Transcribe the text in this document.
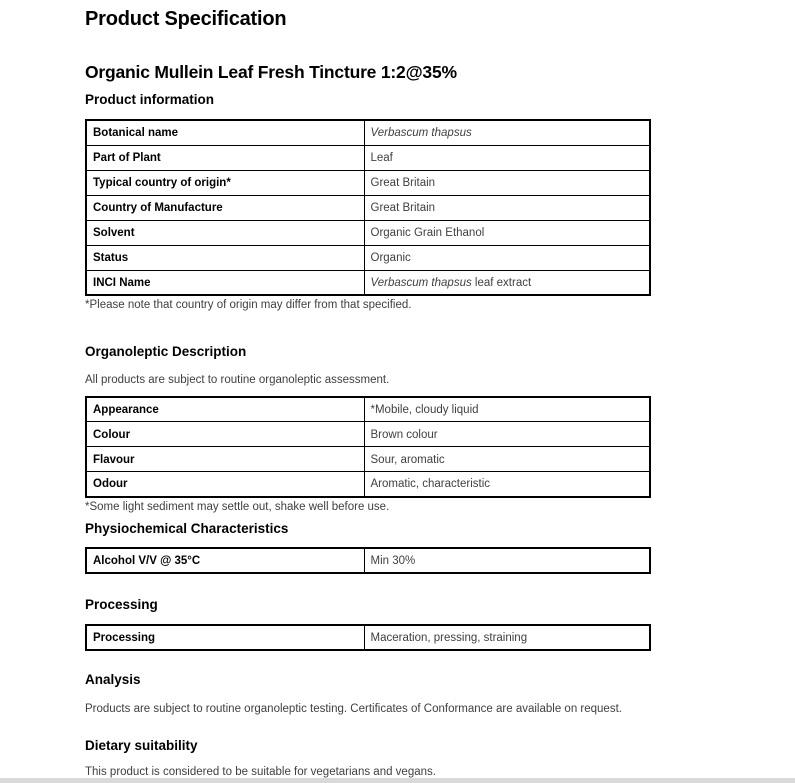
Product Specification
Organic Mullein Leaf Fresh Tincture 1:2@35%
Product information
Botanical name	Verbascum thapsus
Part of Plant	Leaf
Typical country of origin*	Great Britain
Country of Manufacture	Great Britain
Solvent	Organic Grain Ethanol
Status	Organic
INCI Name	Verbascum thapsus leaf extract

*Please note that country of origin may differ from that specified.

Organoleptic Description

All products are subject to routine organoleptic assessment.

Appearance	*Mobile, cloudy liquid
Colour	Brown colour
Flavour	Sour, aromatic
Odour	Aromatic, characteristic

*Some light sediment may settle out, shake well before use.

Physiochemical Characteristics
Alcohol V/V @ 35°C	Min 30%
Processing
Processing	Maceration, pressing, straining
Analysis

Products are subject to routine organoleptic testing. Certificates of Conformance are available on request.

Dietary suitability

This product is considered to be suitable for vegetarians and vegans.
